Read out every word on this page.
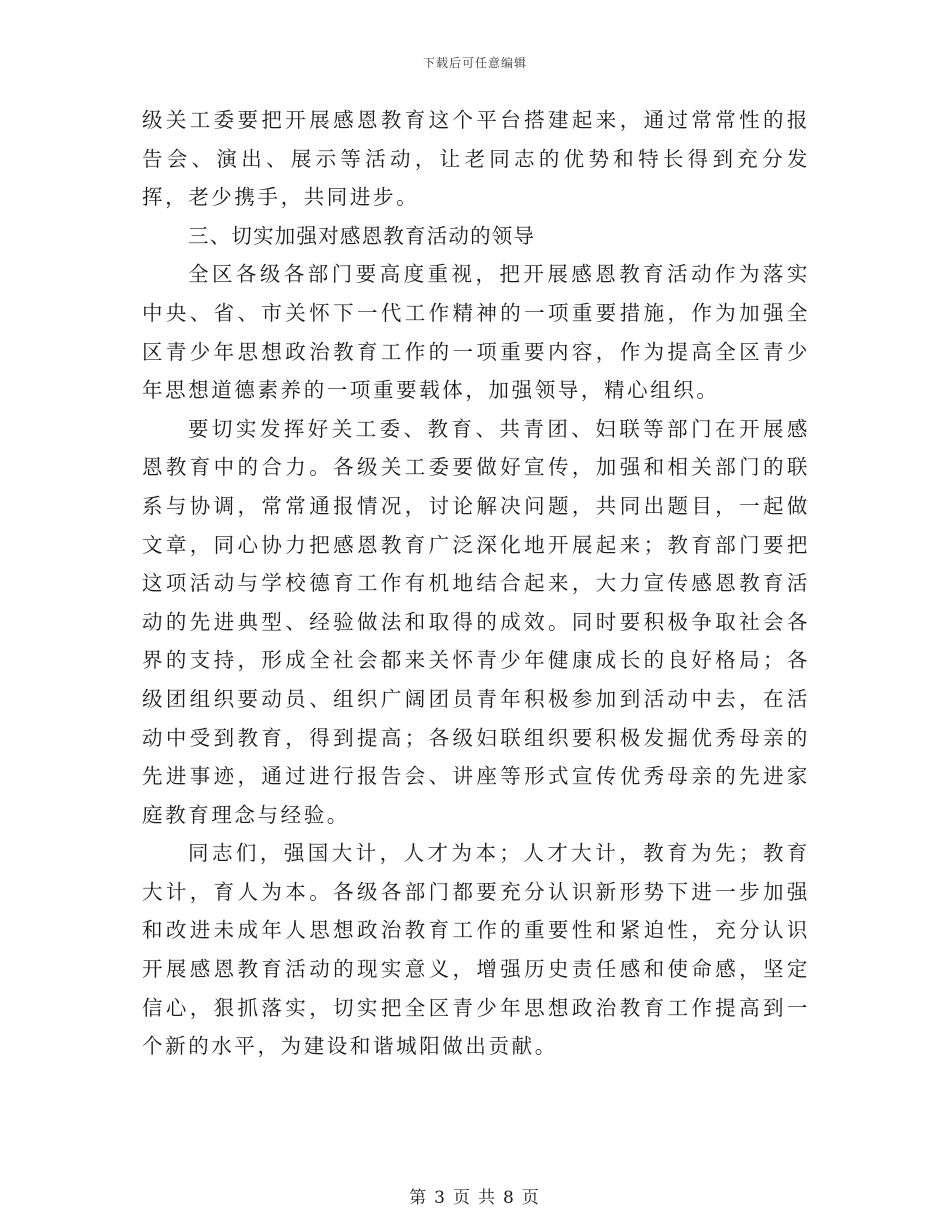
下载后可任意编辑

级关工委要把开展感恩教育这个平台搭建起来，通过常常性的报告会、演出、展示等活动，让老同志的优势和特长得到充分发挥，老少携手，共同进步。

三、切实加强对感恩教育活动的领导

全区各级各部门要高度重视，把开展感恩教育活动作为落实中央、省、市关怀下一代工作精神的一项重要措施，作为加强全区青少年思想政治教育工作的一项重要内容，作为提高全区青少年思想道德素养的一项重要载体，加强领导，精心组织。

要切实发挥好关工委、教育、共青团、妇联等部门在开展感恩教育中的合力。各级关工委要做好宣传，加强和相关部门的联系与协调，常常通报情况，讨论解决问题，共同出题目，一起做文章，同心协力把感恩教育广泛深化地开展起来；教育部门要把这项活动与学校德育工作有机地结合起来，大力宣传感恩教育活动的先进典型、经验做法和取得的成效。同时要积极争取社会各界的支持，形成全社会都来关怀青少年健康成长的良好格局；各级团组织要动员、组织广阔团员青年积极参加到活动中去，在活动中受到教育，得到提高；各级妇联组织要积极发掘优秀母亲的先进事迹，通过进行报告会、讲座等形式宣传优秀母亲的先进家庭教育理念与经验。

同志们，强国大计，人才为本；人才大计，教育为先；教育大计，育人为本。各级各部门都要充分认识新形势下进一步加强和改进未成年人思想政治教育工作的重要性和紧迫性，充分认识开展感恩教育活动的现实意义，增强历史责任感和使命感，坚定信心，狠抓落实，切实把全区青少年思想政治教育工作提高到一个新的水平，为建设和谐城阳做出贡献。

第 3 页 共 8 页
